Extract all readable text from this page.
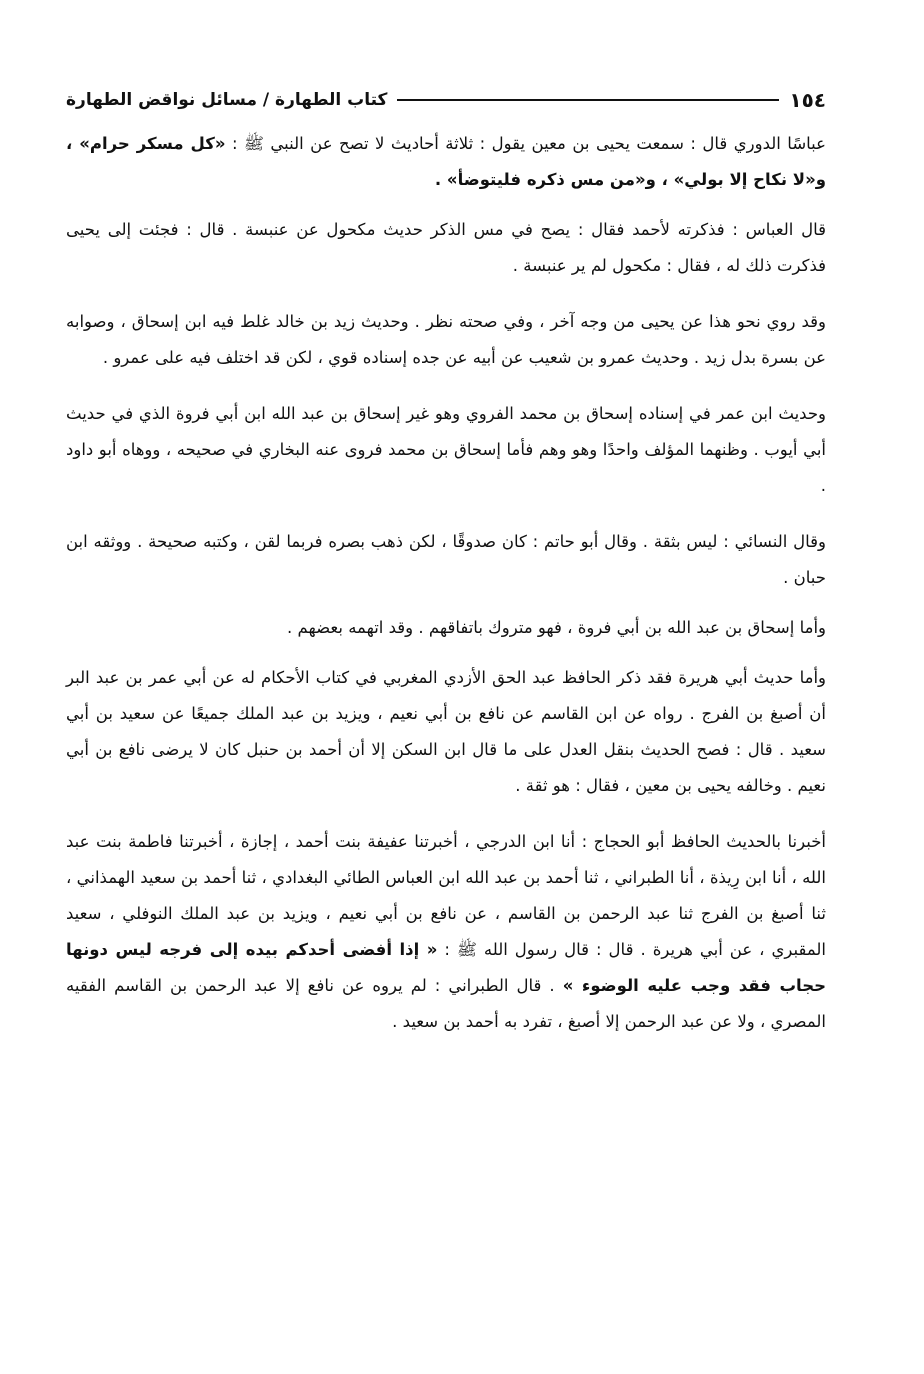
١٥٤
كتاب الطهارة / مسائل نواقض الطهارة

عباسًا الدوري قال : سمعت يحيى بن معين يقول : ثلاثة أحاديث لا تصح عن النبي ﷺ : «كل مسكر حرام» ، و«لا نكاح إلا بولي» ، و«من مس ذكره فليتوضأ» .

قال العباس : فذكرته لأحمد فقال : يصح في مس الذكر حديث مكحول عن عنبسة . قال : فجئت إلى يحيى فذكرت ذلك له ، فقال : مكحول لم ير عنبسة .

وقد روي نحو هذا عن يحيى من وجه آخر ، وفي صحته نظر . وحديث زيد بن خالد غلط فيه ابن إسحاق ، وصوابه عن بسرة بدل زيد . وحديث عمرو بن شعيب عن أبيه عن جده إسناده قوي ، لكن قد اختلف فيه على عمرو .

وحديث ابن عمر في إسناده إسحاق بن محمد الفروي وهو غير إسحاق بن عبد الله ابن أبي فروة الذي في حديث أبي أيوب . وظنهما المؤلف واحدًا وهو وهم فأما إسحاق بن محمد فروى عنه البخاري في صحيحه ، ووهاه أبو داود .

وقال النسائي : ليس بثقة . وقال أبو حاتم : كان صدوقًا ، لكن ذهب بصره فربما لقن ، وكتبه صحيحة . ووثقه ابن حبان .

وأما إسحاق بن عبد الله بن أبي فروة ، فهو متروك باتفاقهم . وقد اتهمه بعضهم .

وأما حديث أبي هريرة فقد ذكر الحافظ عبد الحق الأزدي المغربي في كتاب الأحكام له عن أبي عمر بن عبد البر أن أصبغ بن الفرج . رواه عن ابن القاسم عن نافع بن أبي نعيم ، ويزيد بن عبد الملك جميعًا عن سعيد بن أبي سعيد . قال : فصح الحديث بنقل العدل على ما قال ابن السكن إلا أن أحمد بن حنبل كان لا يرضى نافع بن أبي نعيم . وخالفه يحيى بن معين ، فقال : هو ثقة .

أخبرنا بالحديث الحافظ أبو الحجاج : أنا ابن الدرجي ، أخبرتنا عفيفة بنت أحمد ، إجازة ، أخبرتنا فاطمة بنت عبد الله ، أنا ابن رِيذة ، أنا الطبراني ، ثنا أحمد بن عبد الله ابن العباس الطائي البغدادي ، ثنا أحمد بن سعيد الهمذاني ، ثنا أصبغ بن الفرج ثنا عبد الرحمن بن القاسم ، عن نافع بن أبي نعيم ، ويزيد بن عبد الملك النوفلي ، سعيد المقبري ، عن أبي هريرة . قال : قال رسول الله ﷺ : « إذا أفضى أحدكم بيده إلى فرجه ليس دونها حجاب فقد وجب عليه الوضوء » . قال الطبراني : لم يروه عن نافع إلا عبد الرحمن بن القاسم الفقيه المصري ، ولا عن عبد الرحمن إلا أصبغ ، تفرد به أحمد بن سعيد .
